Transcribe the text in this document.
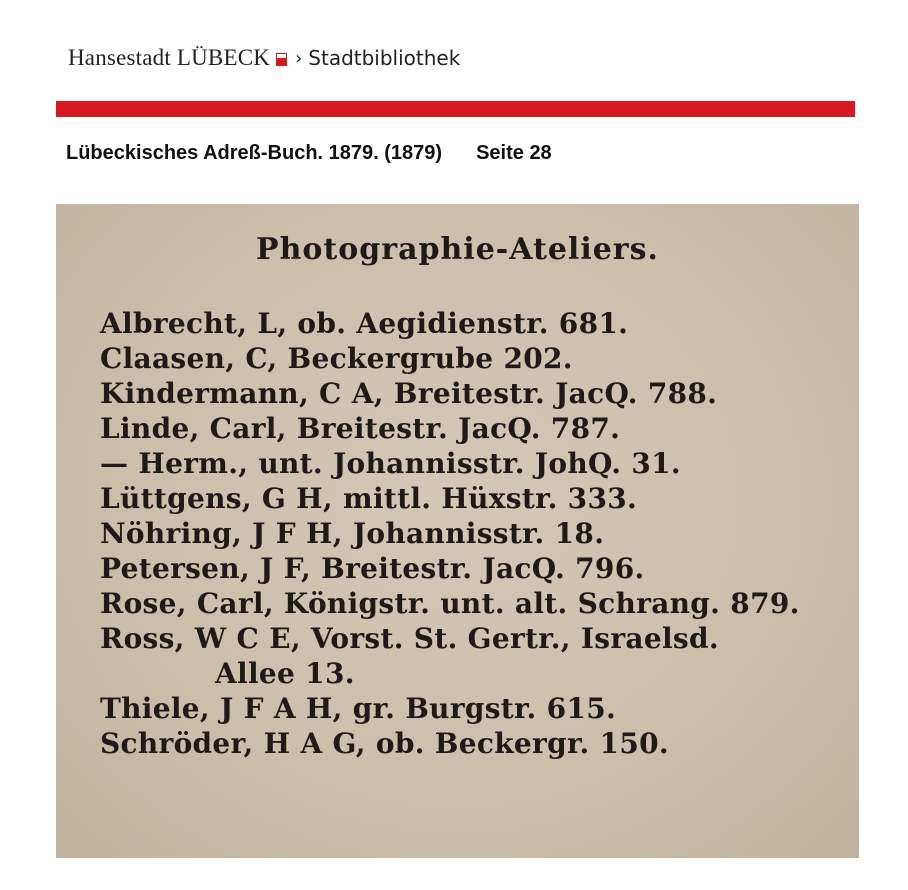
Hansestadt LÜBECK › Stadtbibliothek
Lübeckisches Adreß-Buch. 1879. (1879) Seite 28
Photographie-Ateliers.
Albrecht, L, ob. Aegidienstr. 681.
Claasen, C, Beckergrube 202.
Kindermann, C A, Breitestr. JacQ. 788.
Linde, Carl, Breitestr. JacQ. 787.
— Herm., unt. Johannisstr. JohQ. 31.
Lüttgens, G H, mittl. Hüxstr. 333.
Nöhring, J F H, Johannisstr. 18.
Petersen, J F, Breitestr. JacQ. 796.
Rose, Carl, Königstr. unt. alt. Schrang. 879.
Ross, W C E, Vorst. St. Gertr., Israelsd.
Allee 13.
Thiele, J F A H, gr. Burgstr. 615.
Schröder, H A G, ob. Beckergr. 150.
